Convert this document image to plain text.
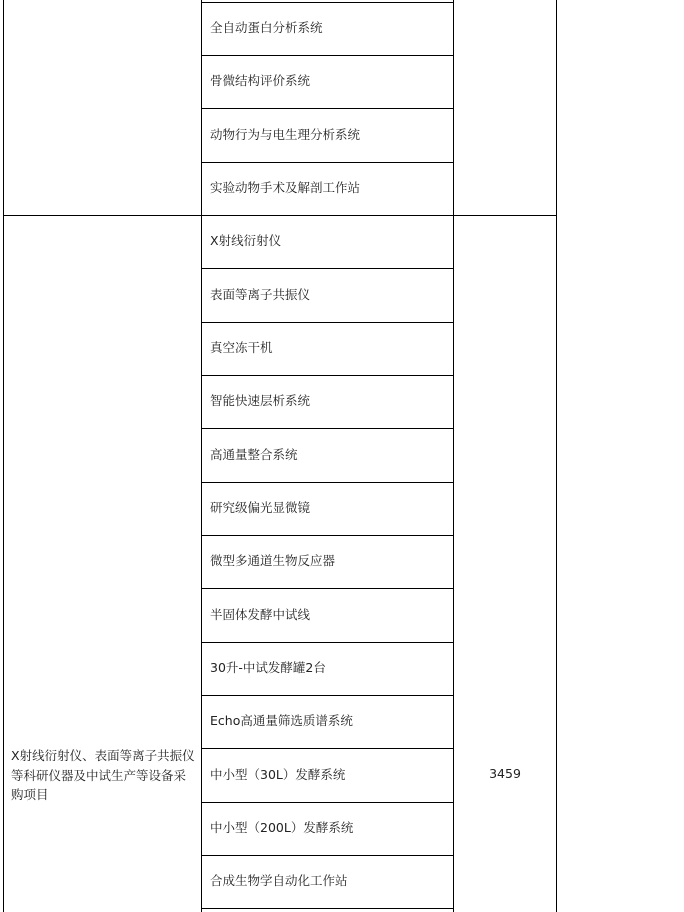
全自动蛋白分析系统
骨微结构评价系统
动物行为与电生理分析系统
实验动物手术及解剖工作站
X射线衍射仪
表面等离子共振仪
真空冻干机
智能快速层析系统
高通量整合系统
研究级偏光显微镜
微型多通道生物反应器
半固体发酵中试线
30升-中试发酵罐2台
Echo高通量筛选质谱系统
中小型（30L）发酵系统
中小型（200L）发酵系统
合成生物学自动化工作站
X射线衍射仪、表面等离子共振仪等科研仪器及中试生产等设备采购项目
3459
